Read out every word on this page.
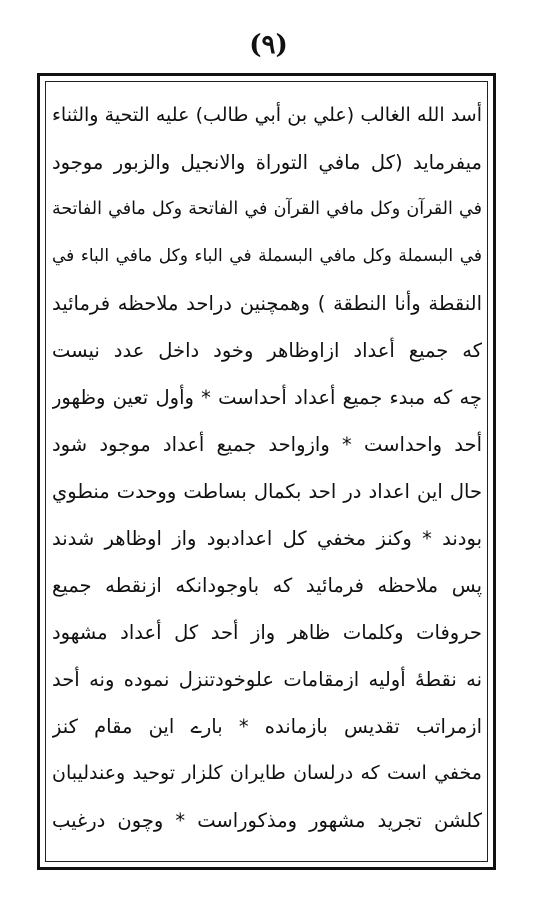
(٩)
أسد الله الغالب (علي بن أبي طالب) عليه التحية والثناء
ميفرمايد (كل مافي التوراة والانجيل والزبور موجود
في القرآن وكل مافي القرآن في الفاتحة وكل مافي الفاتحة
في البسملة وكل مافي البسملة في الباء وكل مافي الباء في
النقطة وأنا النطقة ) وهمچنين دراحد ملاحظه فرمائيد
كه جميع أعداد ازاوظاهر وخود داخل عدد نيست
چه كه مبدء جميع أعداد أحداست * وأول تعين وظهور
أحد واحداست * وازواحد جميع أعداد موجود شود
حال اين اعداد در احد بكمال بساطت ووحدت منطوي
بودند * وكنز مخفي كل اعدادبود واز اوظاهر شدند
پس ملاحظه فرمائيد كه باوجودانكه ازنقطه جميع
حروفات وكلمات ظاهر واز أحد كل أعداد مشهود
نه نقطهٔ أوليه ازمقامات علوخودتنزل نموده ونه أحد
ازمراتب تقديس بازمانده * بارے اين مقام كنز
مخفي است كه درلسان طايران كلزار توحيد وعندليبان
كلشن تجريد مشهور ومذكوراست * وچون درغيب
